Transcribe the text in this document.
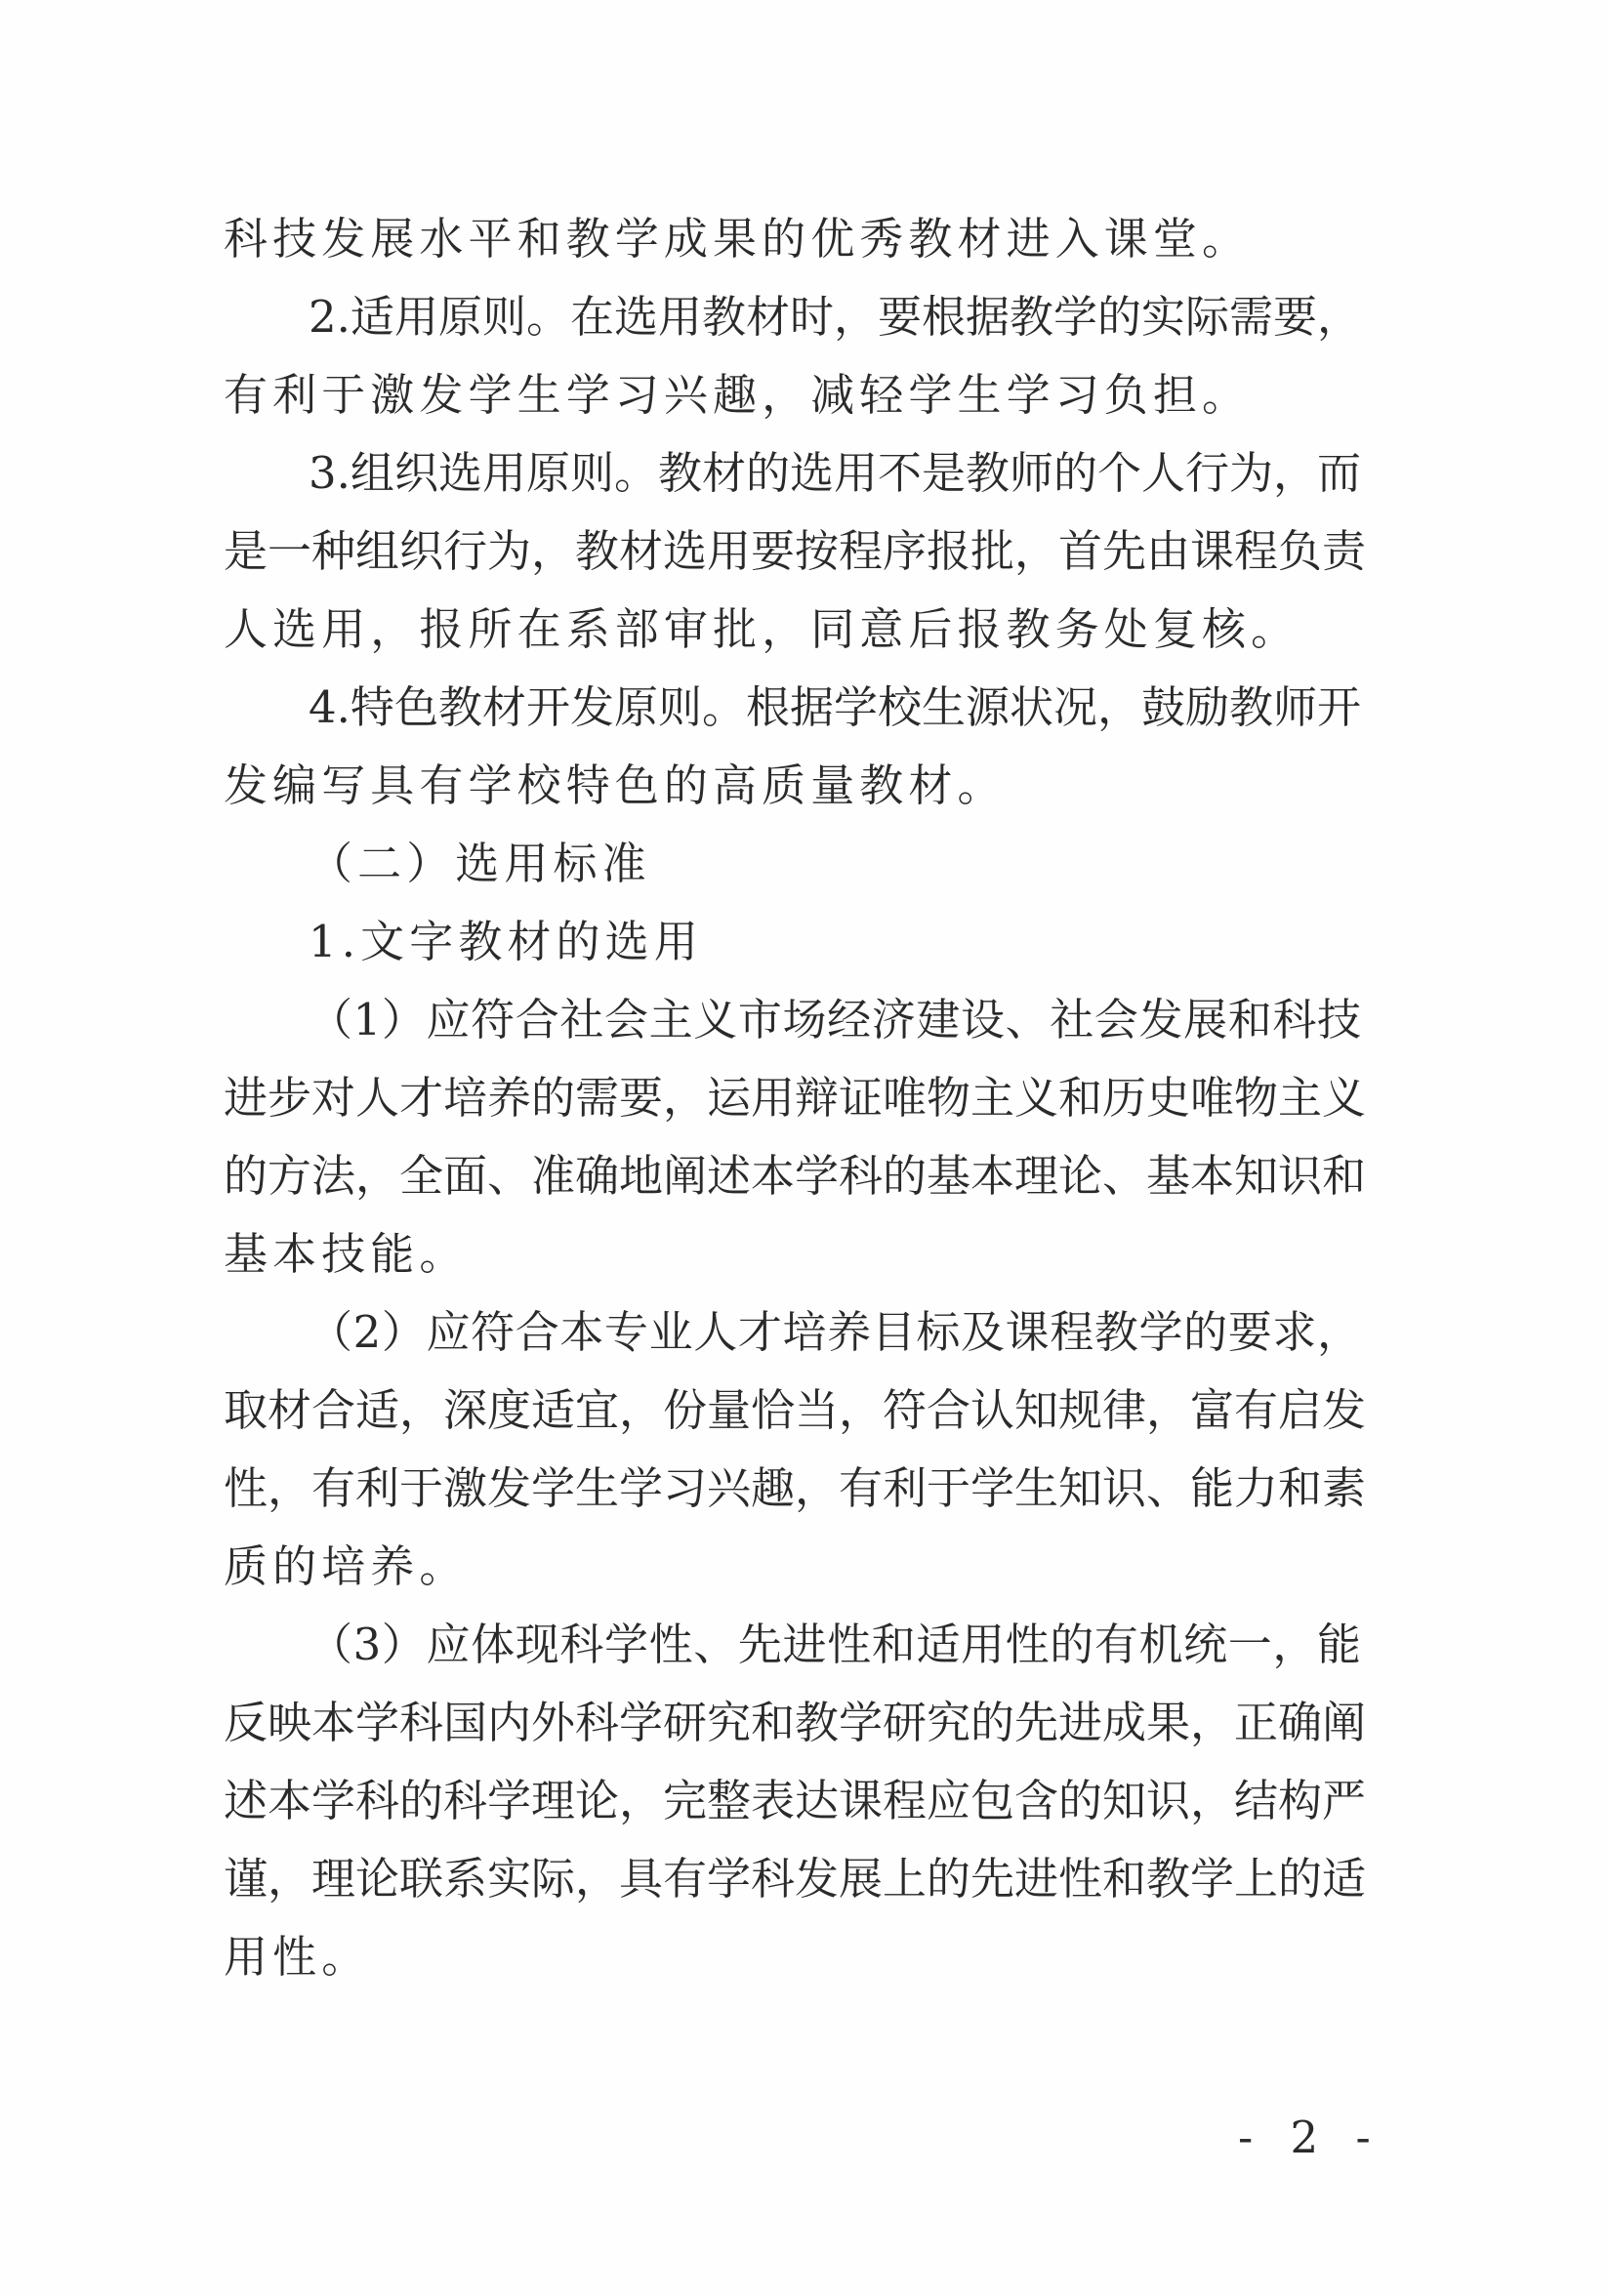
科技发展水平和教学成果的优秀教材进入课堂。
2.适用原则。在选用教材时，要根据教学的实际需要，
有利于激发学生学习兴趣，减轻学生学习负担。
3.组织选用原则。教材的选用不是教师的个人行为，而
是一种组织行为，教材选用要按程序报批，首先由课程负责
人选用，报所在系部审批，同意后报教务处复核。
4.特色教材开发原则。根据学校生源状况，鼓励教师开
发编写具有学校特色的高质量教材。
（二）选用标准
1.文字教材的选用
（1）应符合社会主义市场经济建设、社会发展和科技
进步对人才培养的需要，运用辩证唯物主义和历史唯物主义
的方法，全面、准确地阐述本学科的基本理论、基本知识和
基本技能。
（2）应符合本专业人才培养目标及课程教学的要求，
取材合适，深度适宜，份量恰当，符合认知规律，富有启发
性，有利于激发学生学习兴趣，有利于学生知识、能力和素
质的培养。
（3）应体现科学性、先进性和适用性的有机统一，能
反映本学科国内外科学研究和教学研究的先进成果，正确阐
述本学科的科学理论，完整表达课程应包含的知识，结构严
谨，理论联系实际，具有学科发展上的先进性和教学上的适
用性。
- 2 -
